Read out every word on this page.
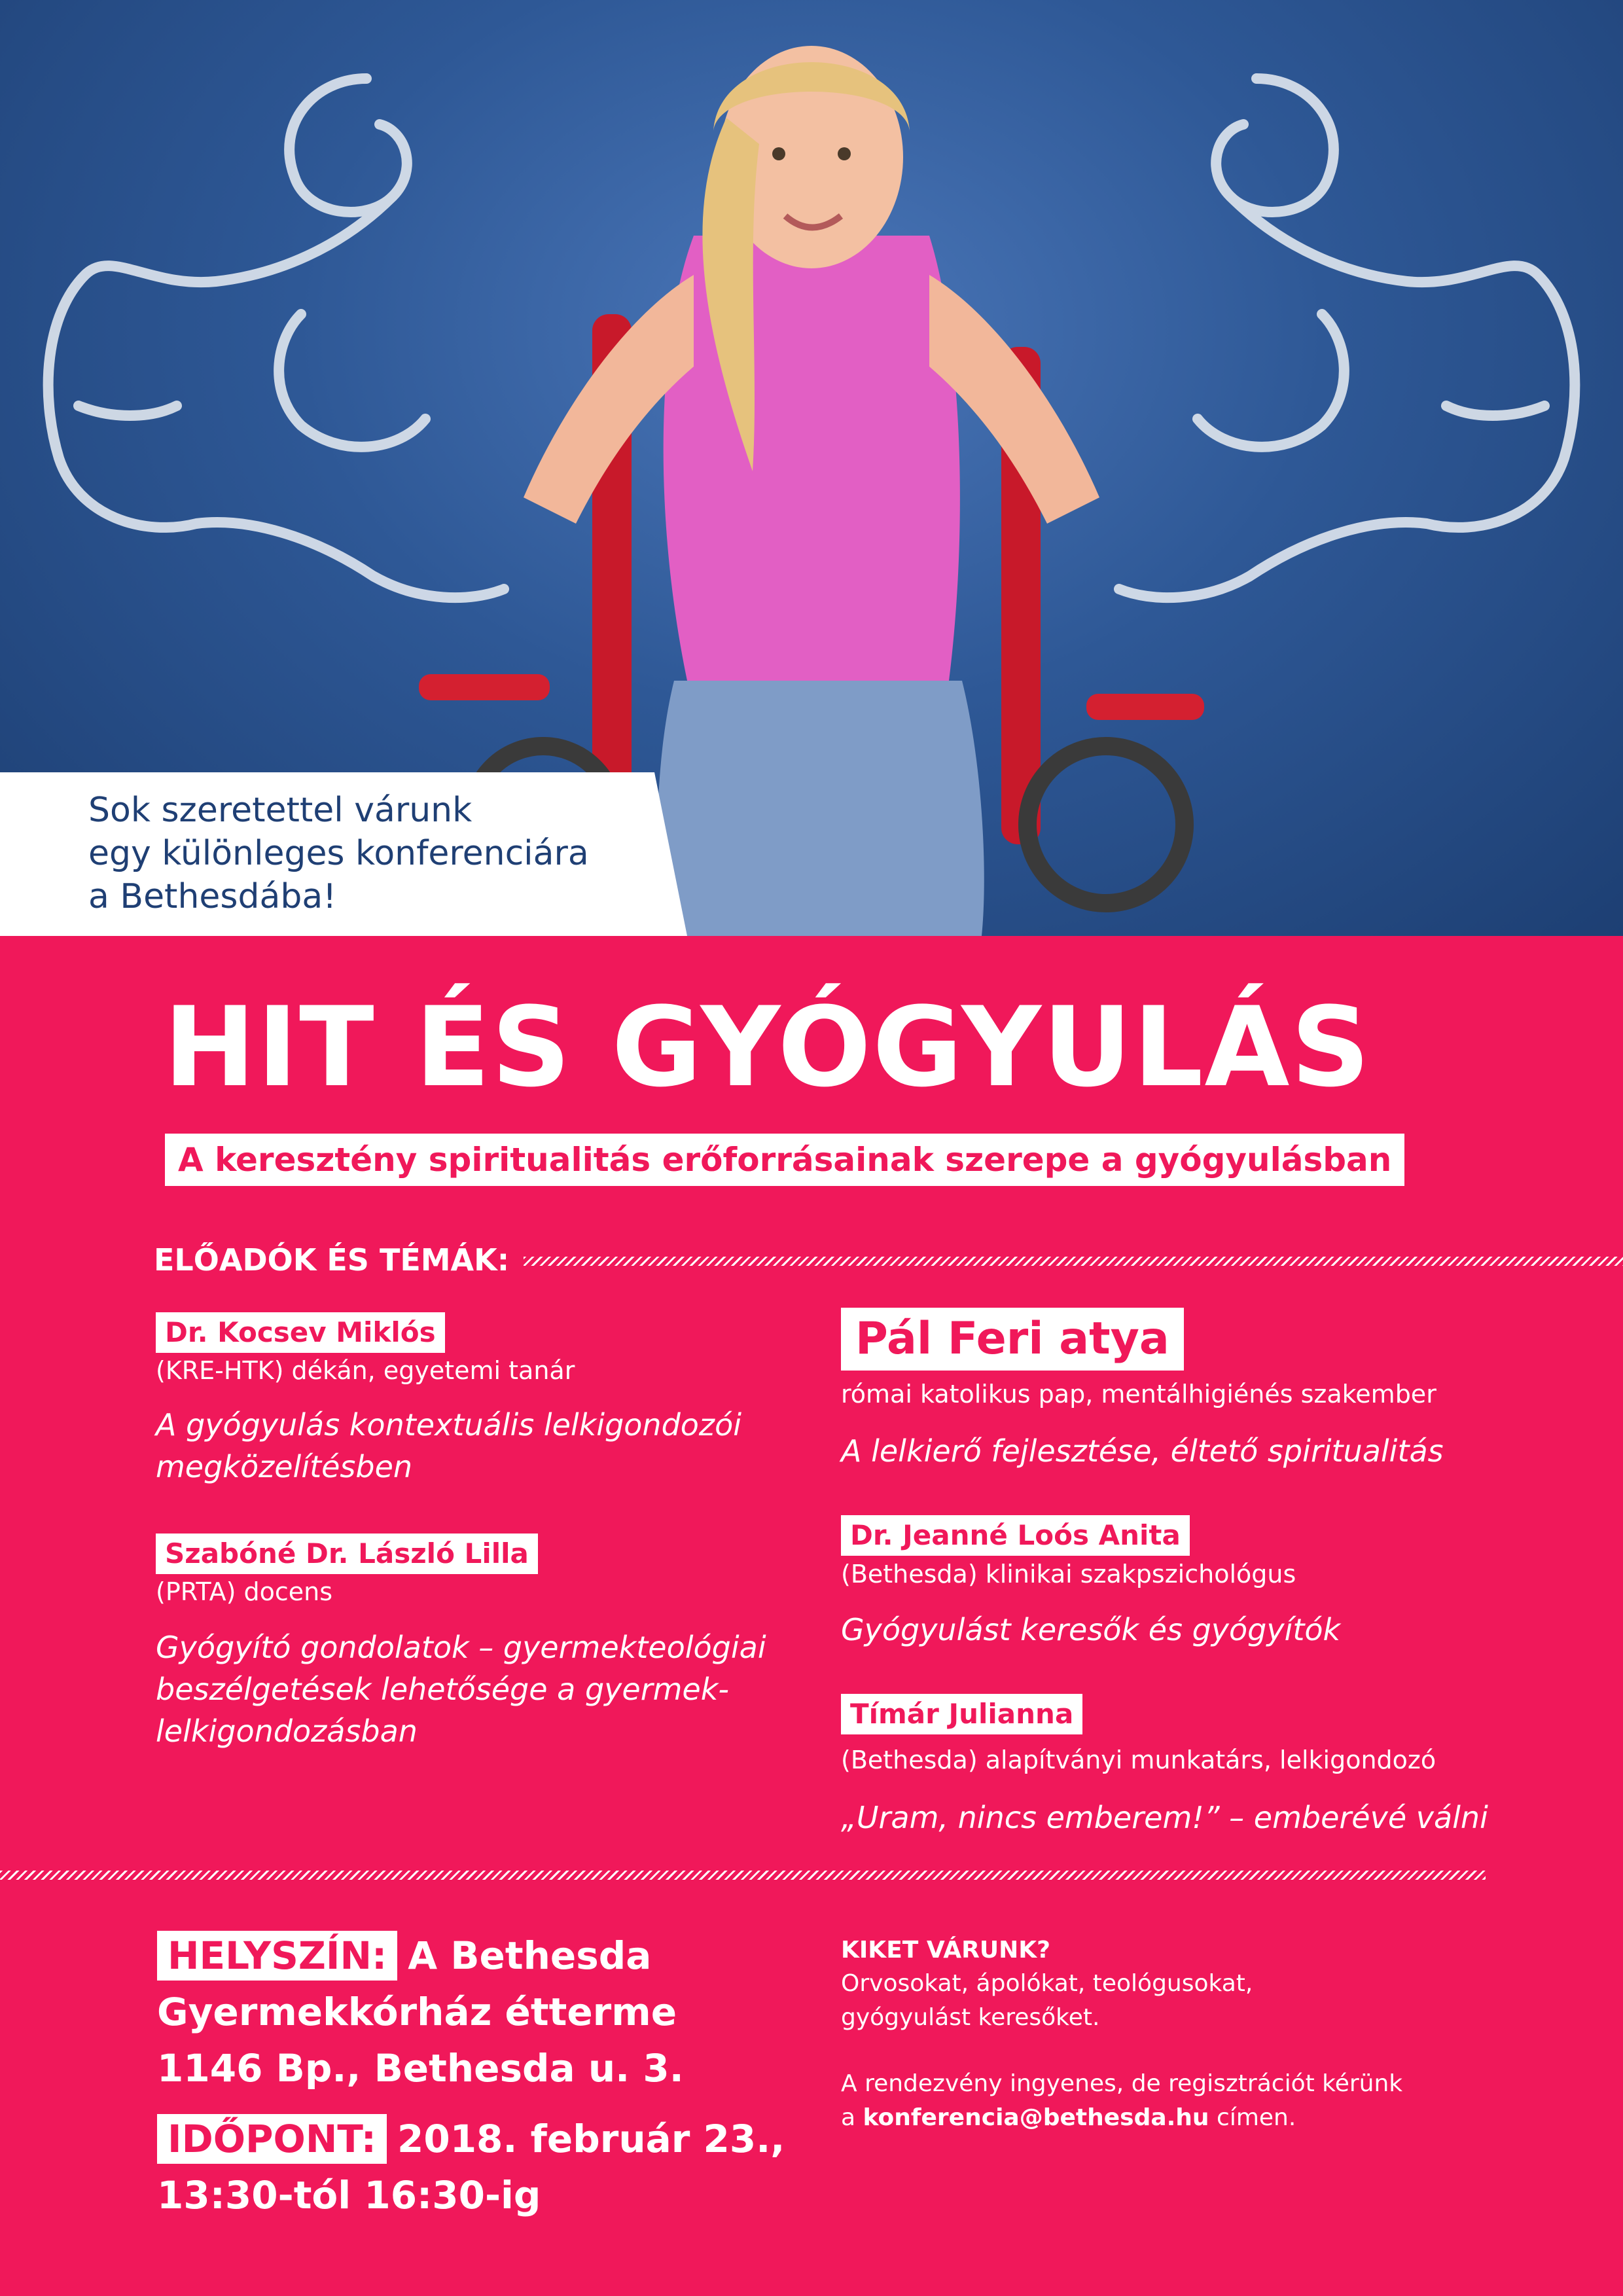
Sok szeretettel várunk
egy különleges konferenciára
a Bethesdába!

HIT ÉS GYÓGYULÁS
A keresztény spiritualitás erőforrásainak szerepe a gyógyulásban
ELŐADÓK ÉS TÉMÁK:
Dr. Kocsev Miklós
(KRE-HTK) dékán, egyetemi tanár

A gyógyulás kontextuális lelkigondozói
megközelítésben

Szabóné Dr. László Lilla
(PRTA) docens

Gyógyító gondolatok – gyermekteológiai
beszélgetések lehetősége a gyermek-
lelkigondozásban

Pál Feri atya
római katolikus pap, mentálhigiénés szakember

A lelkierő fejlesztése, éltető spiritualitás

Dr. Jeanné Loós Anita
(Bethesda) klinikai szakpszichológus

Gyógyulást keresők és gyógyítók

Tímár Julianna
(Bethesda) alapítványi munkatárs, lelkigondozó

„Uram, nincs emberem!” – emberévé válni

HELYSZÍN: A Bethesda
Gyermekkórház étterme
1146 Bp., Bethesda u. 3.

IDŐPONT: 2018. február 23.,
13:30-tól 16:30-ig

KIKET VÁRUNK?

Orvosokat, ápolókat, teológusokat,
gyógyulást keresőket.

A rendezvény ingyenes, de regisztrációt kérünk
a konferencia@bethesda.hu címen.
